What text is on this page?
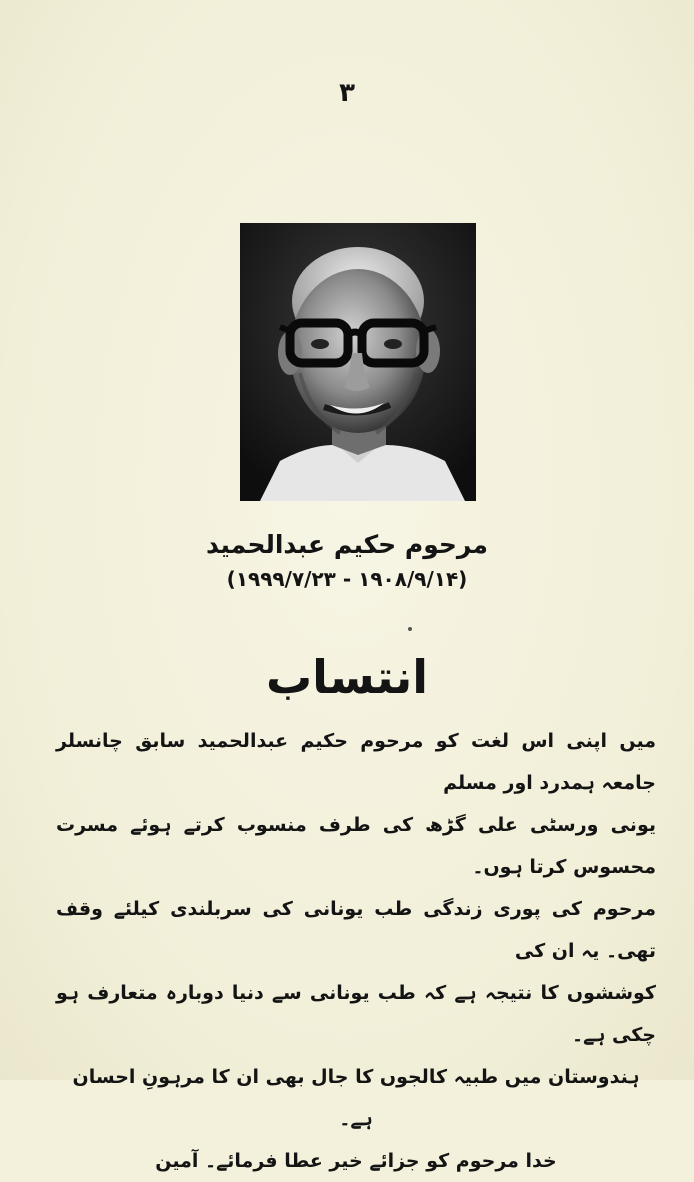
۳
مرحوم حکیم عبدالحمید
(۱۹۰۸/۹/۱۴ - ۱۹۹۹/۷/۲۳)
انتساب

میں اپنی اس لغت کو مرحوم حکیم عبدالحمید سابق چانسلر جامعہ ہمدرد اور مسلم

یونی ورسٹی علی گڑھ کی طرف منسوب کرتے ہوئے مسرت محسوس کرتا ہوں۔

مرحوم کی پوری زندگی طب یونانی کی سربلندی کیلئے وقف تھی۔ یہ ان کی

کوششوں کا نتیجہ ہے کہ طب یونانی سے دنیا دوبارہ متعارف ہو چکی ہے۔

ہندوستان میں طبیہ کالجوں کا جال بھی ان کا مرہونِ احسان ہے۔

خدا مرحوم کو جزائے خیر عطا فرمائے۔ آمین
